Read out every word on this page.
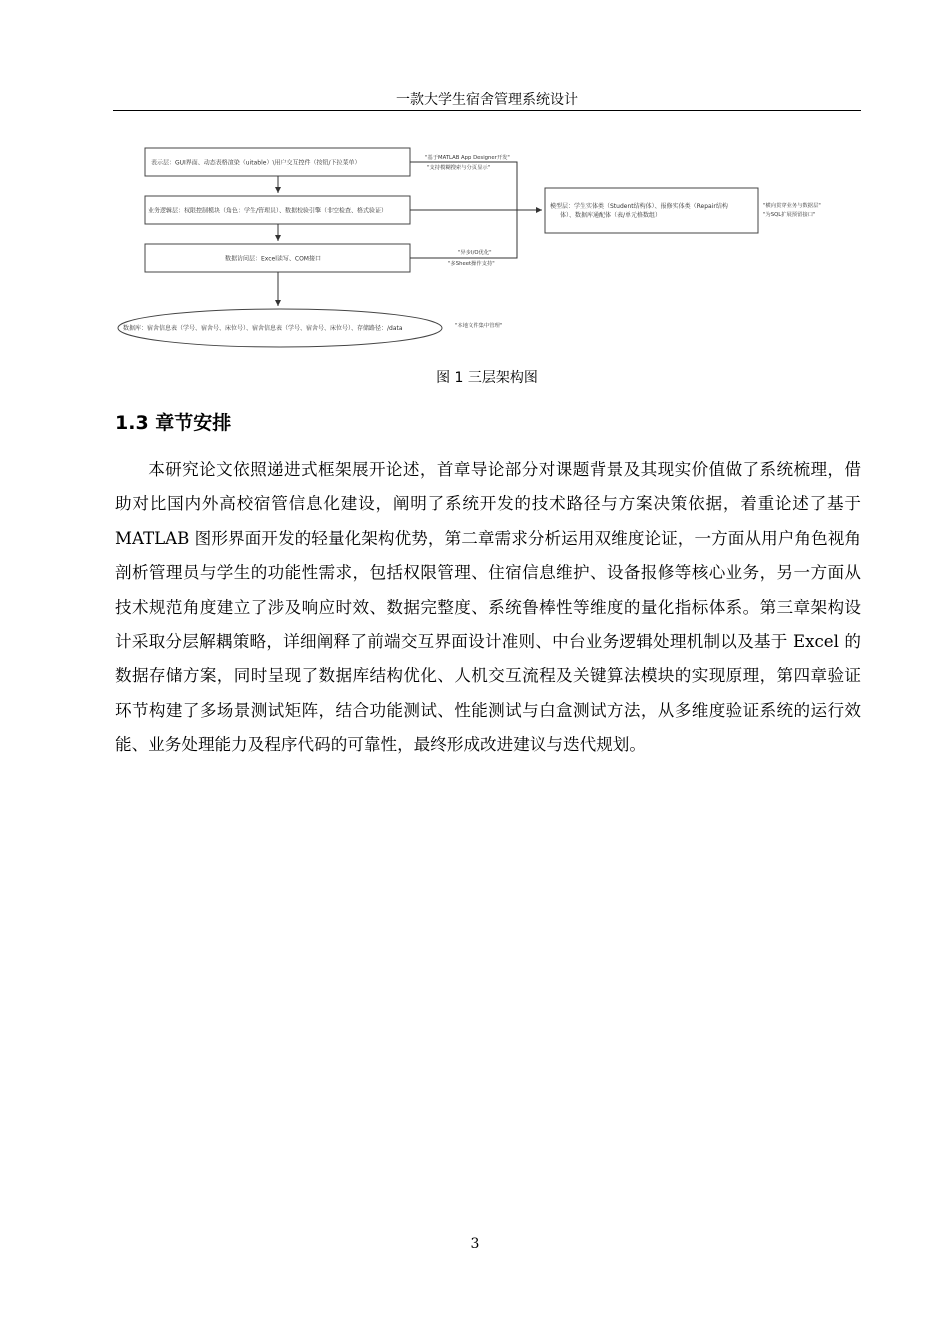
一款大学生宿舍管理系统设计
表示层：GUI界面、动态表格渲染（uitable）\用户交互控件（按钮/下拉菜单）
业务逻辑层：权限控制模块（角色：学生/管理员）、数据校验引擎（非空检查、格式验证）
数据访问层：Excel读写、COM接口
数据库：宿舍信息表（学号、宿舍号、床位号）、宿舍信息表（学号、宿舍号、床位号）、存储路径：/data
模型层：学生实体类（Student结构体）、报修实体类（Repair结构
体）、数据库通配体（表/单元格数组）
"基于MATLAB App Designer开发"
"支持模糊搜索与分页显示"
"异步I/O优化"
"多Sheet操作支持"
"本地文件集中管理"
"横向贯穿业务与数据层"
"为SQL扩展预留接口"
图 1 三层架构图
1.3 章节安排

本研究论文依照递进式框架展开论述，首章导论部分对课题背景及其现实价值做了系统梳理，借助对比国内外高校宿管信息化建设，阐明了系统开发的技术路径与方案决策依据，着重论述了基于 MATLAB 图形界面开发的轻量化架构优势，第二章需求分析运用双维度论证，一方面从用户角色视角剖析管理员与学生的功能性需求，包括权限管理、住宿信息维护、设备报修等核心业务，另一方面从技术规范角度建立了涉及响应时效、数据完整度、系统鲁棒性等维度的量化指标体系。第三章架构设计采取分层解耦策略，详细阐释了前端交互界面设计准则、中台业务逻辑处理机制以及基于 Excel 的数据存储方案，同时呈现了数据库结构优化、人机交互流程及关键算法模块的实现原理，第四章验证环节构建了多场景测试矩阵，结合功能测试、性能测试与白盒测试方法，从多维度验证系统的运行效能、业务处理能力及程序代码的可靠性，最终形成改进建议与迭代规划。

3
